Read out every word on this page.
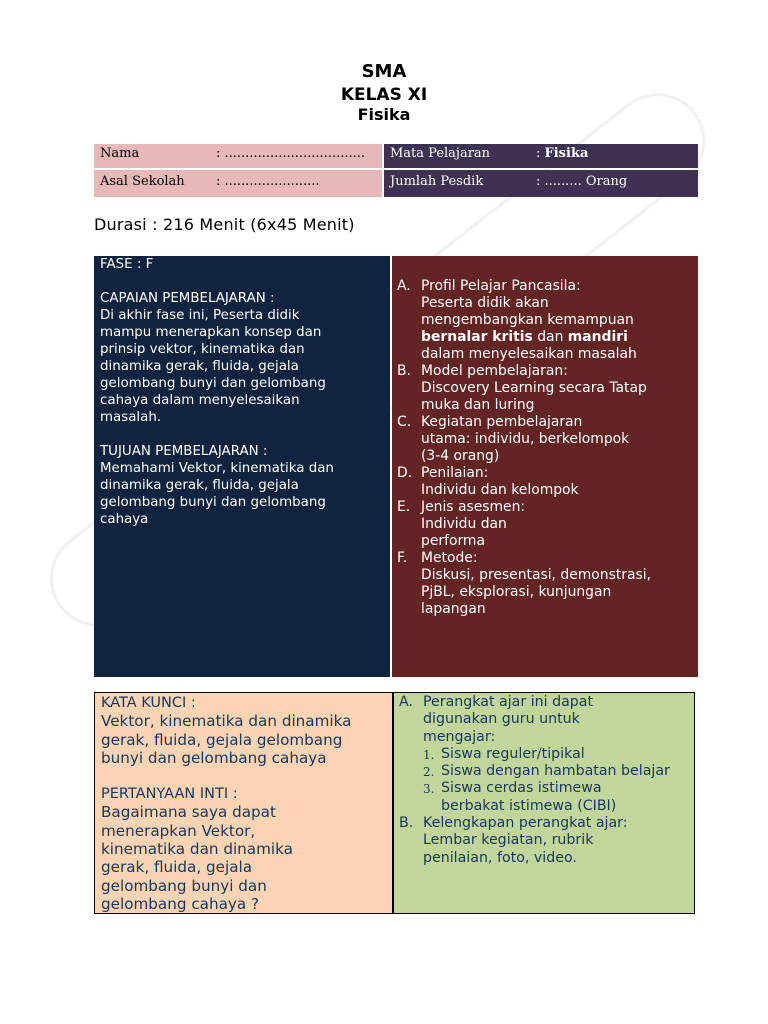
SMA
KELAS XI
Fisika
Nama	: .................................. Mata Pelajaran	: Fisika
Asal Sekolah : .......................	Jumlah Pesdik	: ......... Orang
Durasi : 216 Menit (6x45 Menit)

FASE : F

CAPAIAN PEMBELAJARAN :

Di akhir fase ini, Peserta didik

mampu menerapkan konsep dan

prinsip vektor, kinematika dan

dinamika gerak, fluida, gejala

gelombang bunyi dan gelombang

cahaya dalam menyelesaikan

masalah.

TUJUAN PEMBELAJARAN :

Memahami Vektor, kinematika dan

dinamika gerak, fluida, gejala

gelombang bunyi dan gelombang

cahaya

A. Profil Pelajar Pancasila:
Peserta didik akan
mengembangkan kemampuan
bernalar kritis dan mandiri
dalam menyelesaikan masalah
B. Model pembelajaran:
Discovery Learning secara Tatap
muka dan luring
C. Kegiatan pembelajaran
utama: individu, berkelompok
(3-4 orang)
D. Penilaian:
Individu dan kelompok
E. Jenis asesmen:
Individu dan
performa
F. Metode:
Diskusi, presentasi, demonstrasi,
PjBL, eksplorasi, kunjungan
lapangan

KATA KUNCI :

Vektor, kinematika dan dinamika

gerak, fluida, gejala gelombang

bunyi dan gelombang cahaya

PERTANYAAN INTI :

Bagaimana saya dapat

menerapkan Vektor,

kinematika dan dinamika

gerak, fluida, gejala

gelombang bunyi dan

gelombang cahaya ?

A. Perangkat ajar ini dapat
digunakan guru untuk
mengajar:
1. Siswa reguler/tipikal
2. Siswa dengan hambatan belajar
3. Siswa cerdas istimewa
berbakat istimewa (CIBI)
B. Kelengkapan perangkat ajar:
Lembar kegiatan, rubrik
penilaian, foto, video.
